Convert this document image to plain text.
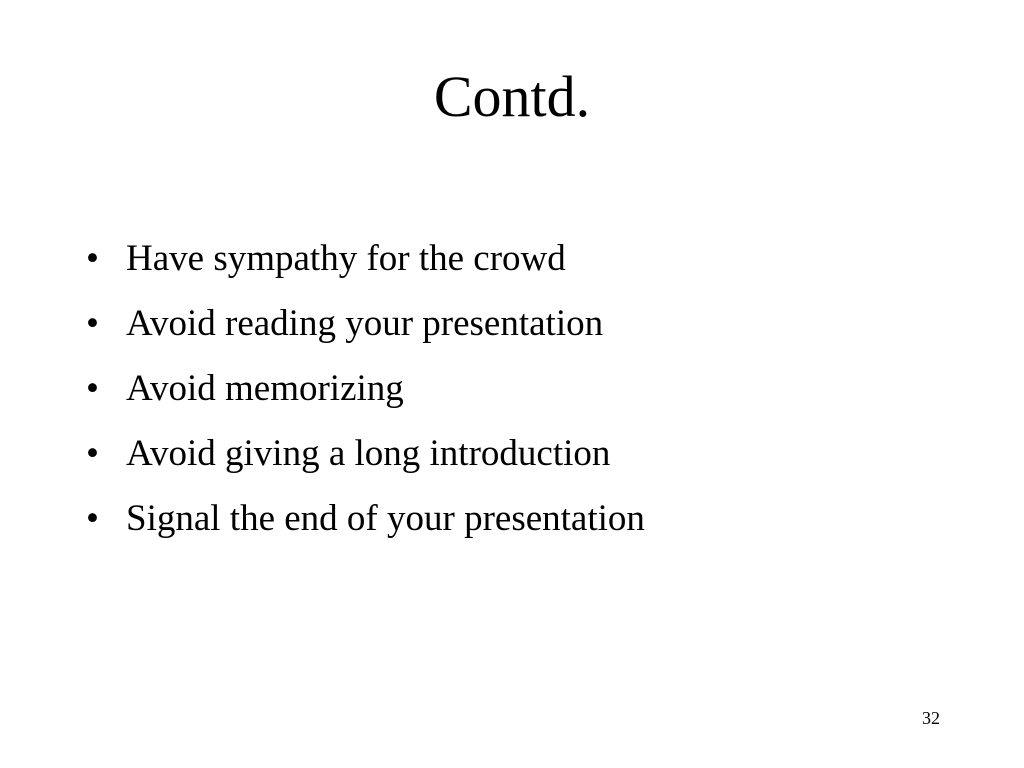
Contd.
• Have sympathy for the crowd
• Avoid reading your presentation
• Avoid memorizing
• Avoid giving a long introduction
• Signal the end of your presentation
32
